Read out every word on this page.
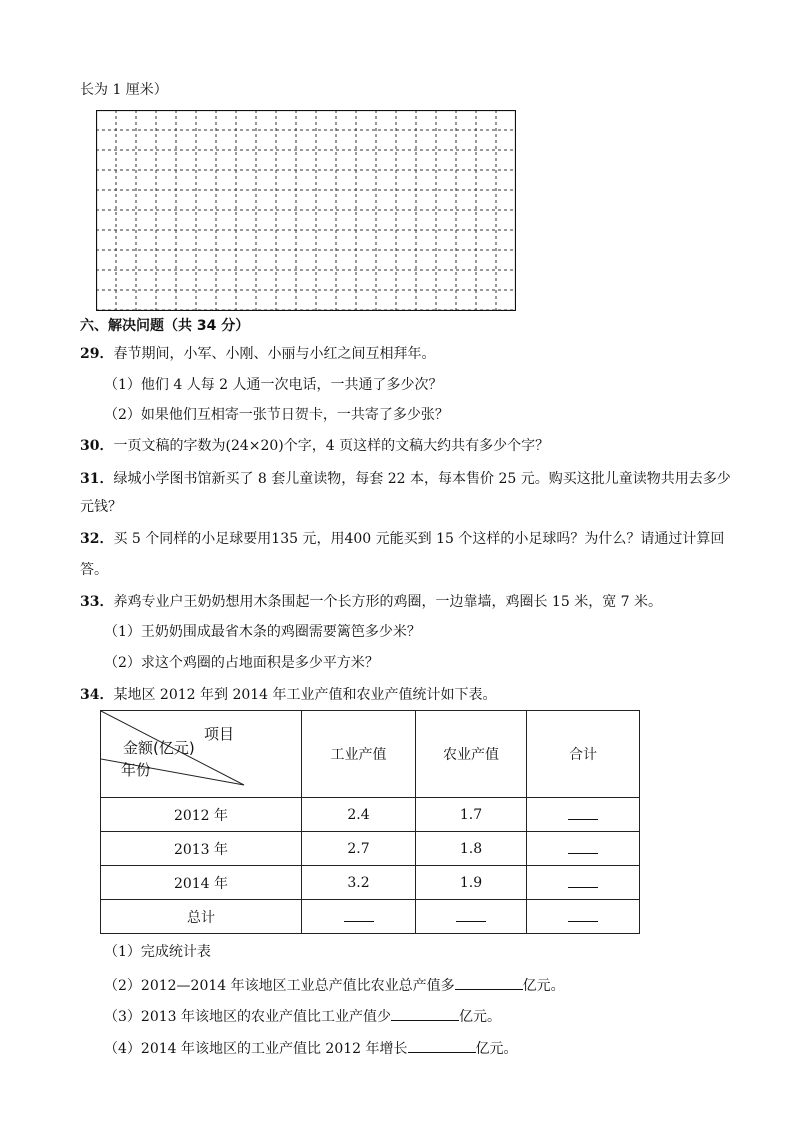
长为 1 厘米）
六、解决问题（共 34 分）
29．春节期间，小军、小刚、小丽与小红之间互相拜年。
（1）他们 4 人每 2 人通一次电话，一共通了多少次？
（2）如果他们互相寄一张节日贺卡，一共寄了多少张？
30．一页文稿的字数为(24×20)个字，4 页这样的文稿大约共有多少个字？
31．绿城小学图书馆新买了 8 套儿童读物，每套 22 本，每本售价 25 元。购买这批儿童读物共用去多少
元钱？
32．买 5 个同样的小足球要用135 元，用400 元能买到 15 个这样的小足球吗？为什么？请通过计算回
答。
33．养鸡专业户王奶奶想用木条围起一个长方形的鸡圈，一边靠墙，鸡圈长 15 米，宽 7 米。
（1）王奶奶围成最省木条的鸡圈需要篱笆多少米？
（2）求这个鸡圈的占地面积是多少平方米？
34．某地区 2012 年到 2014 年工业产值和农业产值统计如下表。
项目
金额(亿元)
年份	工业产值	农业产值	合计
2012 年	2.4	1.7	
2013 年	2.7	1.8	
2014 年	3.2	1.9	
总计			
（1）完成统计表
（2）2012—2014 年该地区工业总产值比农业总产值多	亿元。
（3）2013 年该地区的农业产值比工业产值少	亿元。
（4）2014 年该地区的工业产值比 2012 年增长	亿元。
